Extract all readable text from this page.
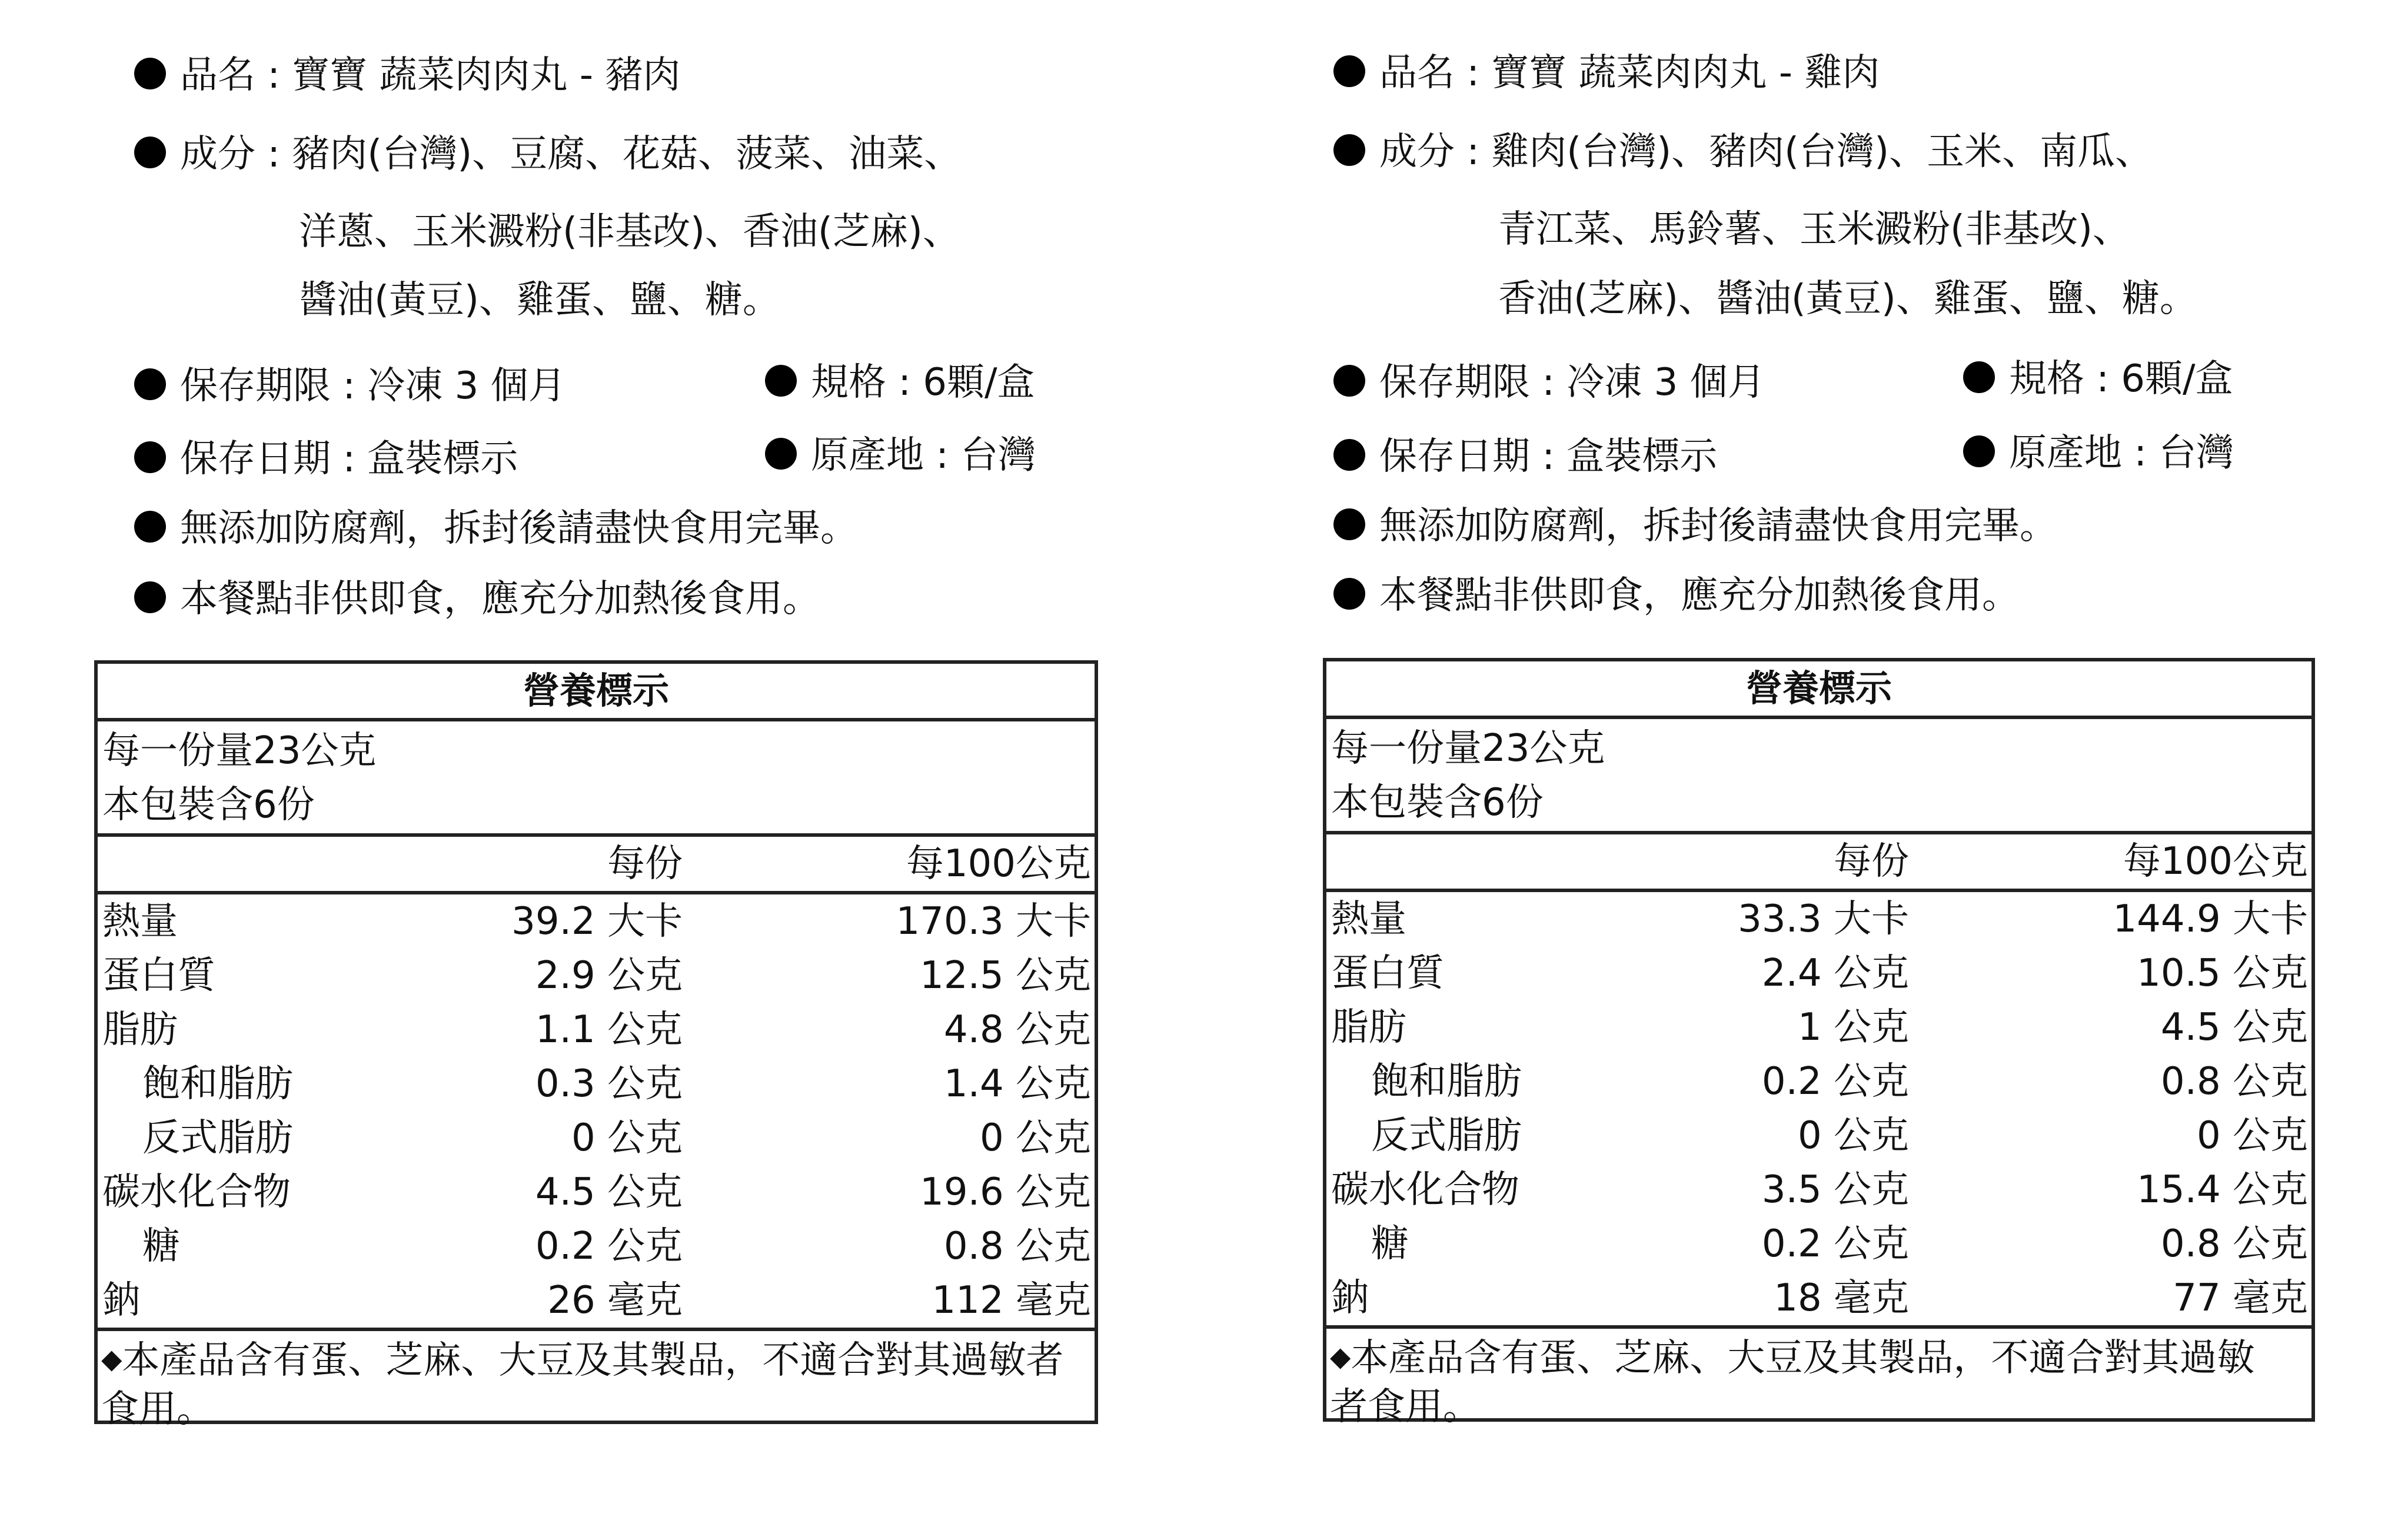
品名 : 寶寶 蔬菜肉肉丸 - 豬肉
成分 : 豬肉(台灣)、豆腐、花菇、菠菜、油菜、
洋蔥、玉米澱粉(非基改)、香油(芝麻)、
醬油(黃豆)、雞蛋、鹽、糖。
保存期限 : 冷凍 3 個月	規格 : 6顆/盒
保存日期 : 盒裝標示	原產地 : 台灣
無添加防腐劑，拆封後請盡快食用完畢。
本餐點非供即食，應充分加熱後食用。
營養標示
每一份量23公克
本包裝含6份
每份	每100公克
熱量	39.2 大卡	170.3 大卡
蛋白質	2.9 公克	12.5 公克
脂肪	1.1 公克	4.8 公克
飽和脂肪	0.3 公克	1.4 公克
反式脂肪	0 公克	0 公克
碳水化合物	4.5 公克	19.6 公克
糖	0.2 公克	0.8 公克
鈉	26 毫克	112 毫克
◆本產品含有蛋、芝麻、大豆及其製品，不適合對其過敏者
食用。
品名 : 寶寶 蔬菜肉肉丸 - 雞肉
成分 : 雞肉(台灣)、豬肉(台灣)、玉米、南瓜、
青江菜、馬鈴薯、玉米澱粉(非基改)、
香油(芝麻)、醬油(黃豆)、雞蛋、鹽、糖。
保存期限 : 冷凍 3 個月	規格 : 6顆/盒
保存日期 : 盒裝標示	原產地 : 台灣
無添加防腐劑，拆封後請盡快食用完畢。
本餐點非供即食，應充分加熱後食用。
營養標示
每一份量23公克
本包裝含6份
每份	每100公克
熱量	33.3 大卡	144.9 大卡
蛋白質	2.4 公克	10.5 公克
脂肪	1 公克	4.5 公克
飽和脂肪	0.2 公克	0.8 公克
反式脂肪	0 公克	0 公克
碳水化合物	3.5 公克	15.4 公克
糖	0.2 公克	0.8 公克
鈉	18 毫克	77 毫克
◆本產品含有蛋、芝麻、大豆及其製品，不適合對其過敏
者食用。
